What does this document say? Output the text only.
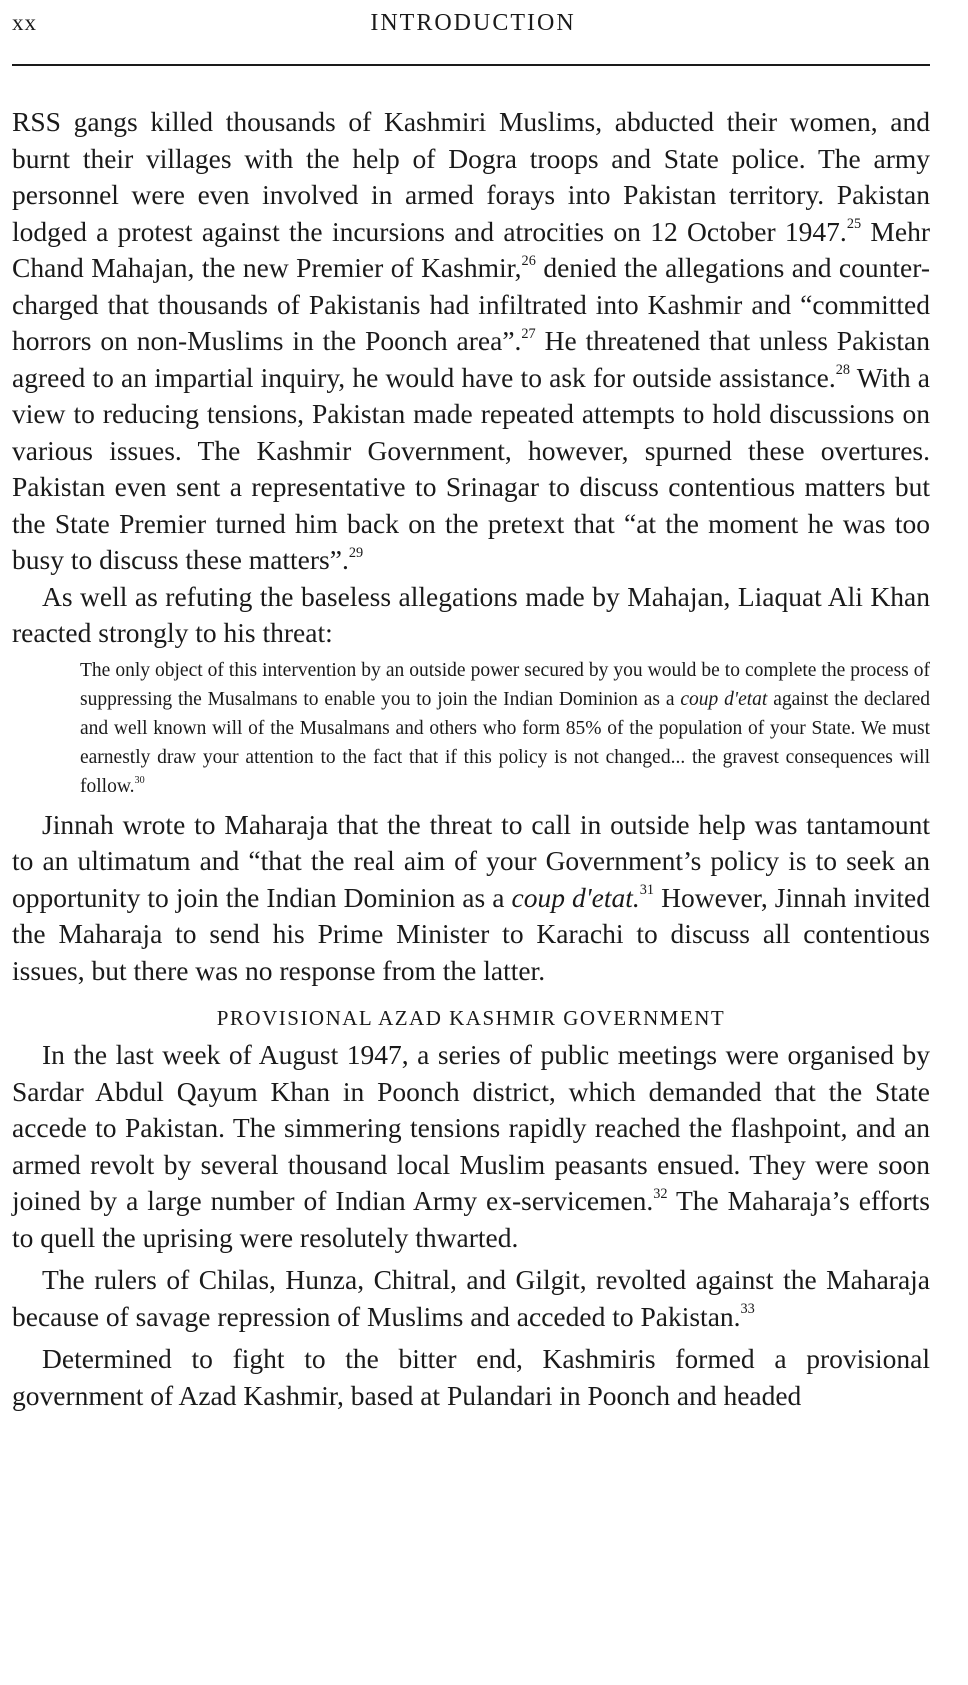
xx	INTRODUCTION

RSS gangs killed thousands of Kashmiri Muslims, abducted their women, and burnt their villages with the help of Dogra troops and State police. The army personnel were even involved in armed forays into Pakistan territory. Pakistan lodged a protest against the incursions and atrocities on 12 October 1947.25 Mehr Chand Mahajan, the new Premier of Kashmir,$^{26}$ denied the allegations and counter-charged that thousands of Pakistanis had infiltrated into Kashmir and “committed horrors on non-Muslims in the Poonch area”.$^{27}$ He threatened that unless Pakistan agreed to an impartial inquiry, he would have to ask for outside assistance.$^{28}$ With a view to reducing tensions, Pakistan made repeated attempts to hold discussions on various issues. The Kashmir Government, however, spurned these overtures. Pakistan even sent a representative to Srinagar to discuss contentious matters but the State Premier turned him back on the pretext that “at the moment he was too busy to discuss these matters”.$^{29}$

As well as refuting the baseless allegations made by Mahajan, Liaquat Ali Khan reacted strongly to his threat:

The only object of this intervention by an outside power secured by you would be to complete the process of suppressing the Musalmans to enable you to join the Indian Dominion as a coup d'etat against the declared and well known will of the Musalmans and others who form 85% of the population of your State. We must earnestly draw your attention to the fact that if this policy is not changed... the gravest consequences will follow.$^{30}$

Jinnah wrote to Maharaja that the threat to call in outside help was tantamount to an ultimatum and “that the real aim of your Government’s policy is to seek an opportunity to join the Indian Dominion as a coup d'etat.$^{31}$ However, Jinnah invited the Maharaja to send his Prime Minister to Karachi to discuss all contentious issues, but there was no response from the latter.

PROVISIONAL AZAD KASHMIR GOVERNMENT

In the last week of August 1947, a series of public meetings were organised by Sardar Abdul Qayum Khan in Poonch district, which demanded that the State accede to Pakistan. The simmering tensions rapidly reached the flashpoint, and an armed revolt by several thousand local Muslim peasants ensued. They were soon joined by a large number of Indian Army ex-servicemen.$^{32}$ The Maharaja’s efforts to quell the uprising were resolutely thwarted.

The rulers of Chilas, Hunza, Chitral, and Gilgit, revolted against the Maharaja because of savage repression of Muslims and acceded to Pakistan.$^{33}$

Determined to fight to the bitter end, Kashmiris formed a provisional government of Azad Kashmir, based at Pulandari in Poonch and headed
